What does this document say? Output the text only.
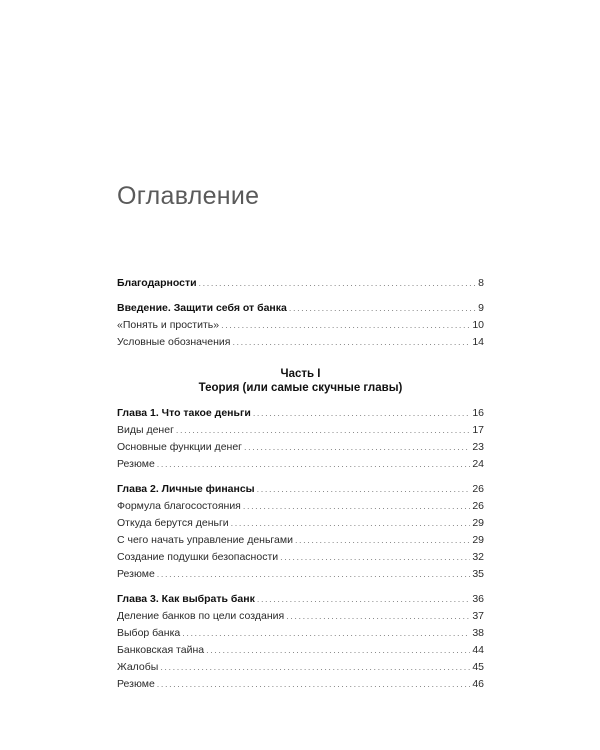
Оглавление
Благодарности .....	8
Введение. Защити себя от банка .....	9
«Понять и простить» .....	10
Условные обозначения .....	14
Часть I
Теория (или самые скучные главы)
Глава 1. Что такое деньги .....	16
Виды денег .....	17
Основные функции денег .....	23
Резюме .....	24
Глава 2. Личные финансы .....	26
Формула благосостояния .....	26
Откуда берутся деньги .....	29
С чего начать управление деньгами .....	29
Создание подушки безопасности .....	32
Резюме .....	35
Глава 3. Как выбрать банк .....	36
Деление банков по цели создания .....	37
Выбор банка .....	38
Банковская тайна .....	44
Жалобы .....	45
Резюме .....	46
